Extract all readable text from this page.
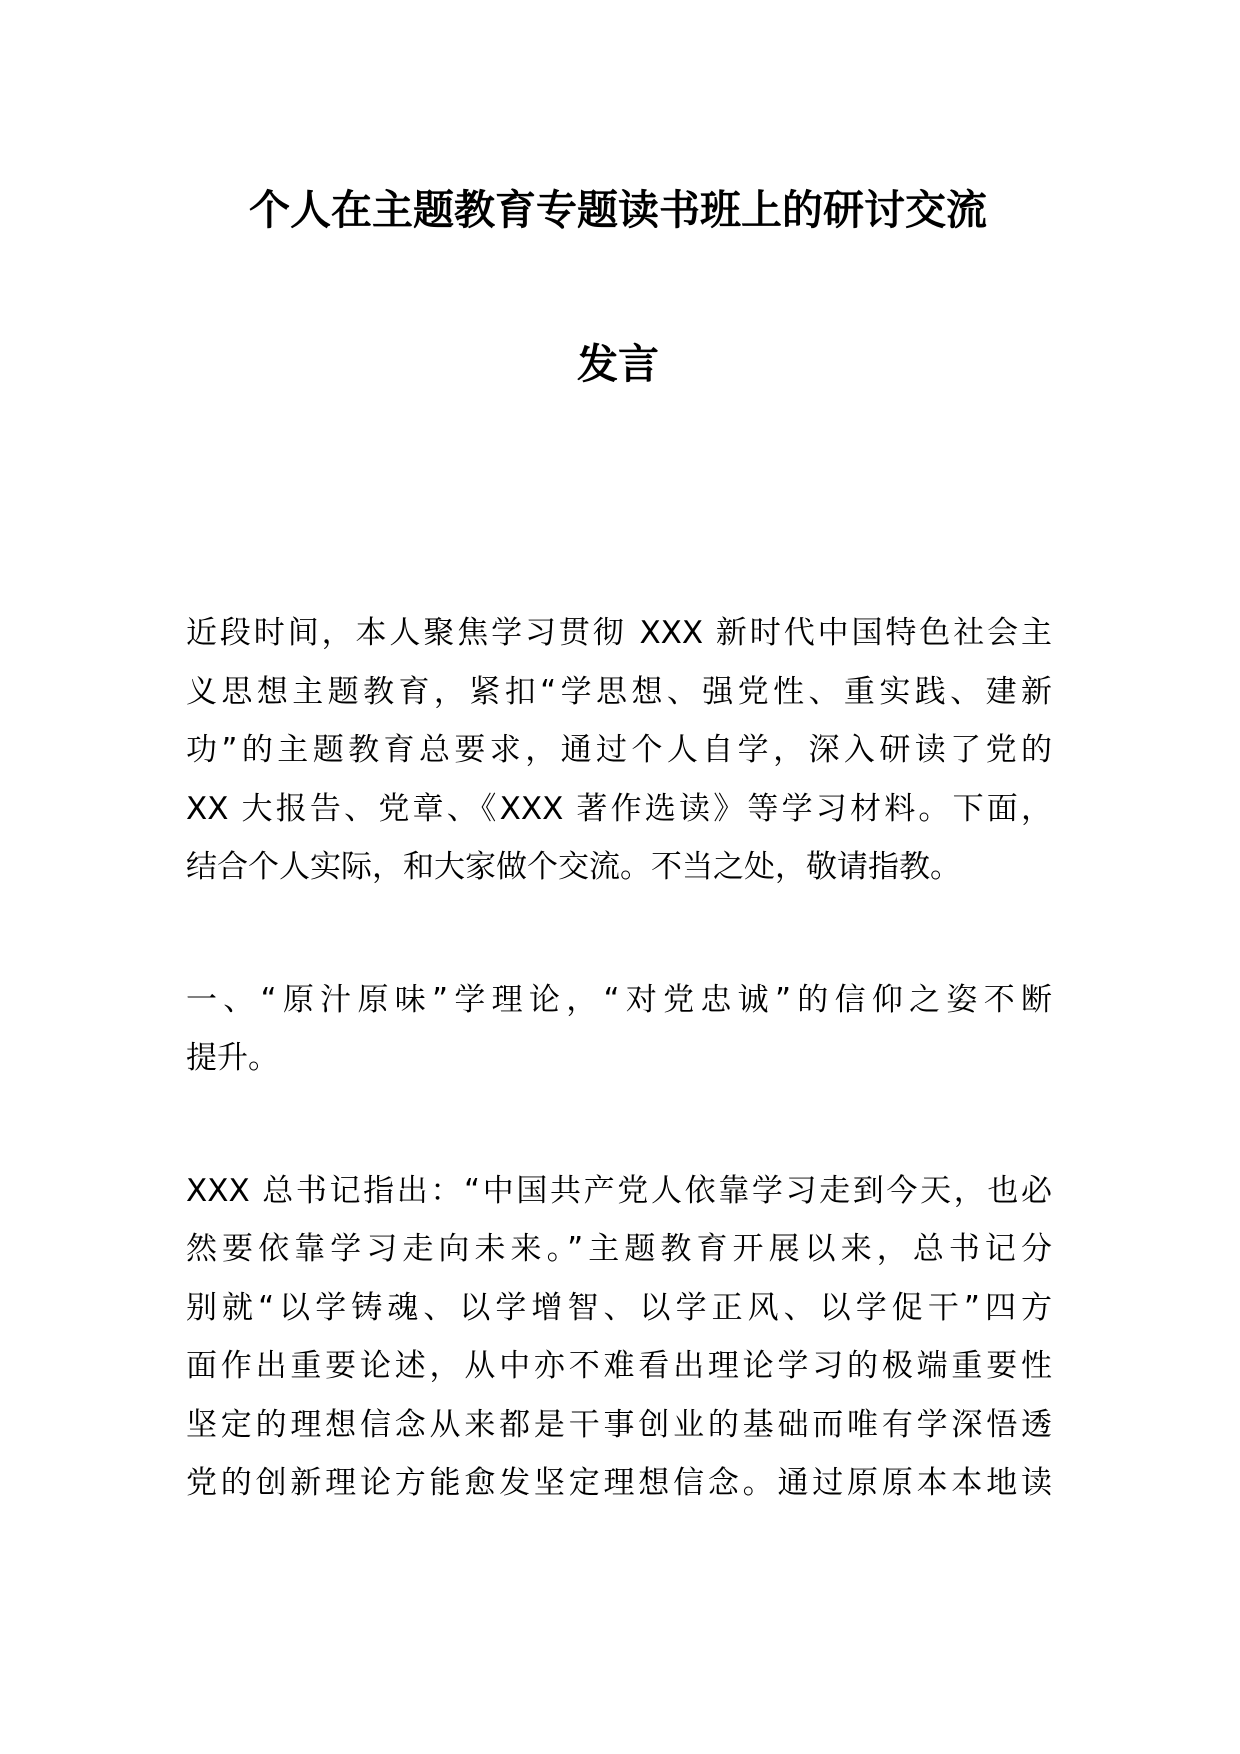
个人在主题教育专题读书班上的研讨交流
发言
近段时间，本人聚焦学习贯彻 XXX 新时代中国特色社会主
义思想主题教育，紧扣“学思想、强党性、重实践、建新
功”的主题教育总要求，通过个人自学，深入研读了党的
XX 大报告、党章、《XXX 著作选读》等学习材料。下面，
结合个人实际，和大家做个交流。不当之处，敬请指教。
一、“原汁原味”学理论，“对党忠诚”的信仰之姿不断
提升。
XXX 总书记指出：“中国共产党人依靠学习走到今天，也必
然要依靠学习走向未来。”主题教育开展以来，总书记分
别就“以学铸魂、以学增智、以学正风、以学促干”四方
面作出重要论述，从中亦不难看出理论学习的极端重要性
坚定的理想信念从来都是干事创业的基础而唯有学深悟透
党的创新理论方能愈发坚定理想信念。通过原原本本地读
